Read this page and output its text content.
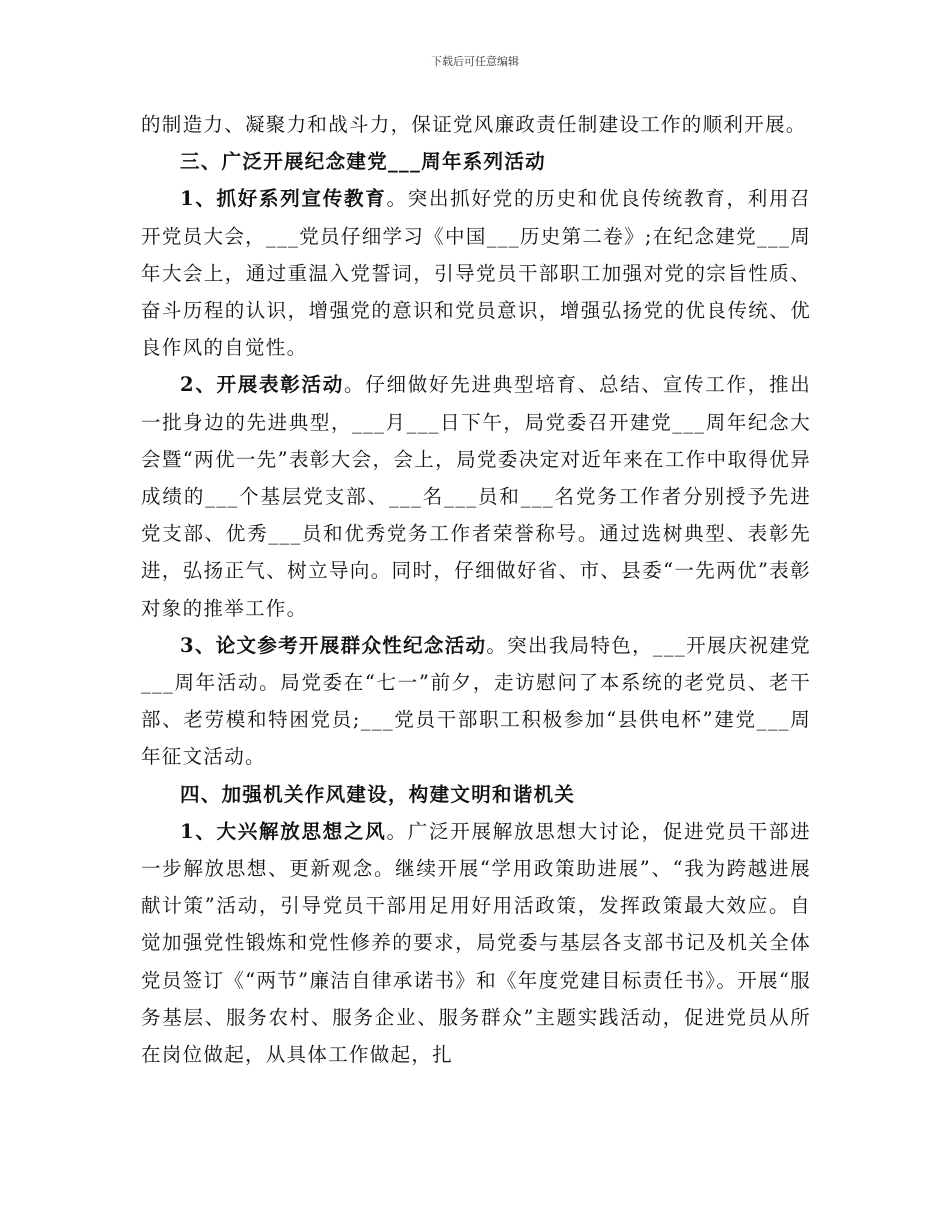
下载后可任意编辑

的制造力、凝聚力和战斗力，保证党风廉政责任制建设工作的顺利开展。

三、广泛开展纪念建党___周年系列活动

1、抓好系列宣传教育。突出抓好党的历史和优良传统教育，利用召开党员大会，___党员仔细学习《中国___历史第二卷》;在纪念建党___周年大会上，通过重温入党誓词，引导党员干部职工加强对党的宗旨性质、奋斗历程的认识，增强党的意识和党员意识，增强弘扬党的优良传统、优良作风的自觉性。

2、开展表彰活动。仔细做好先进典型培育、总结、宣传工作，推出一批身边的先进典型，___月___日下午，局党委召开建党___周年纪念大会暨“两优一先”表彰大会，会上，局党委决定对近年来在工作中取得优异成绩的___个基层党支部、___名___员和___名党务工作者分别授予先进党支部、优秀___员和优秀党务工作者荣誉称号。通过选树典型、表彰先进，弘扬正气、树立导向。同时，仔细做好省、市、县委“一先两优”表彰对象的推举工作。

3、论文参考开展群众性纪念活动。突出我局特色，___开展庆祝建党___周年活动。局党委在“七一”前夕，走访慰问了本系统的老党员、老干部、老劳模和特困党员;___党员干部职工积极参加“县供电杯”建党___周年征文活动。

四、加强机关作风建设，构建文明和谐机关

1、大兴解放思想之风。广泛开展解放思想大讨论，促进党员干部进一步解放思想、更新观念。继续开展“学用政策助进展”、“我为跨越进展献计策”活动，引导党员干部用足用好用活政策，发挥政策最大效应。自觉加强党性锻炼和党性修养的要求，局党委与基层各支部书记及机关全体党员签订《“两节”廉洁自律承诺书》和《年度党建目标责任书》。开展“服务基层、服务农村、服务企业、服务群众”主题实践活动，促进党员从所在岗位做起，从具体工作做起，扎
